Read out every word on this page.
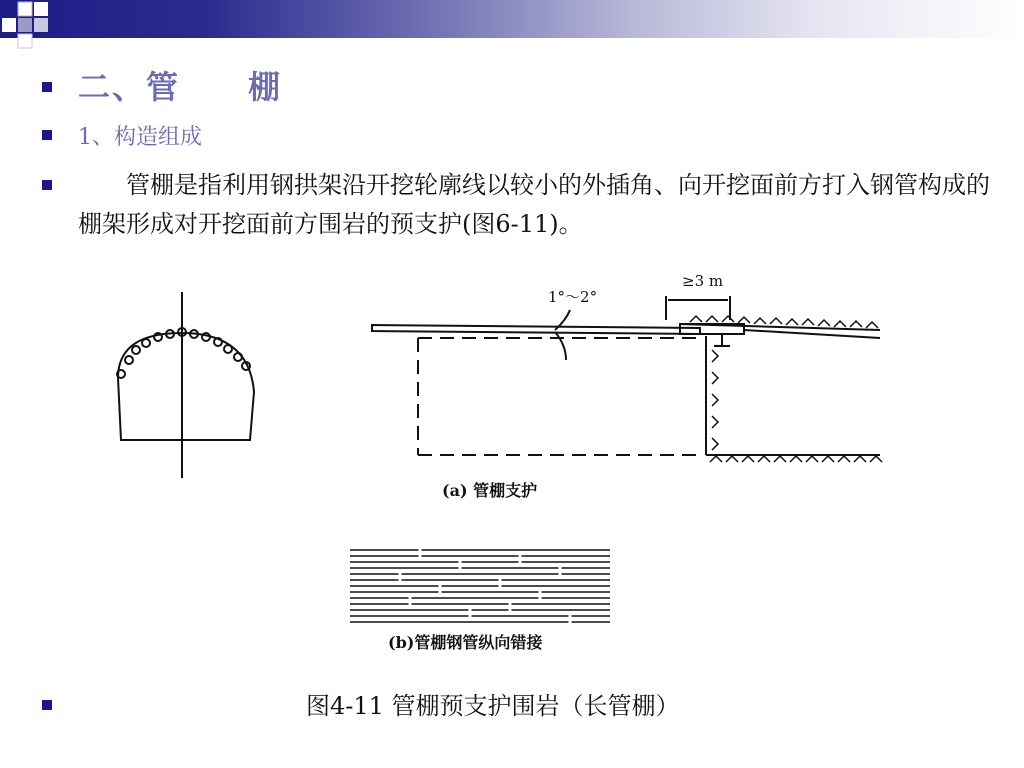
二、管　　棚
1、构造组成
　　管棚是指利用钢拱架沿开挖轮廓线以较小的外插角、向开挖面前方打入钢管构成的棚架形成对开挖面前方围岩的预支护(图6-11)。
1°～2°
≥3 m
(a) 管棚支护
(b)管棚钢管纵向错接
图4-11 管棚预支护围岩（长管棚）
